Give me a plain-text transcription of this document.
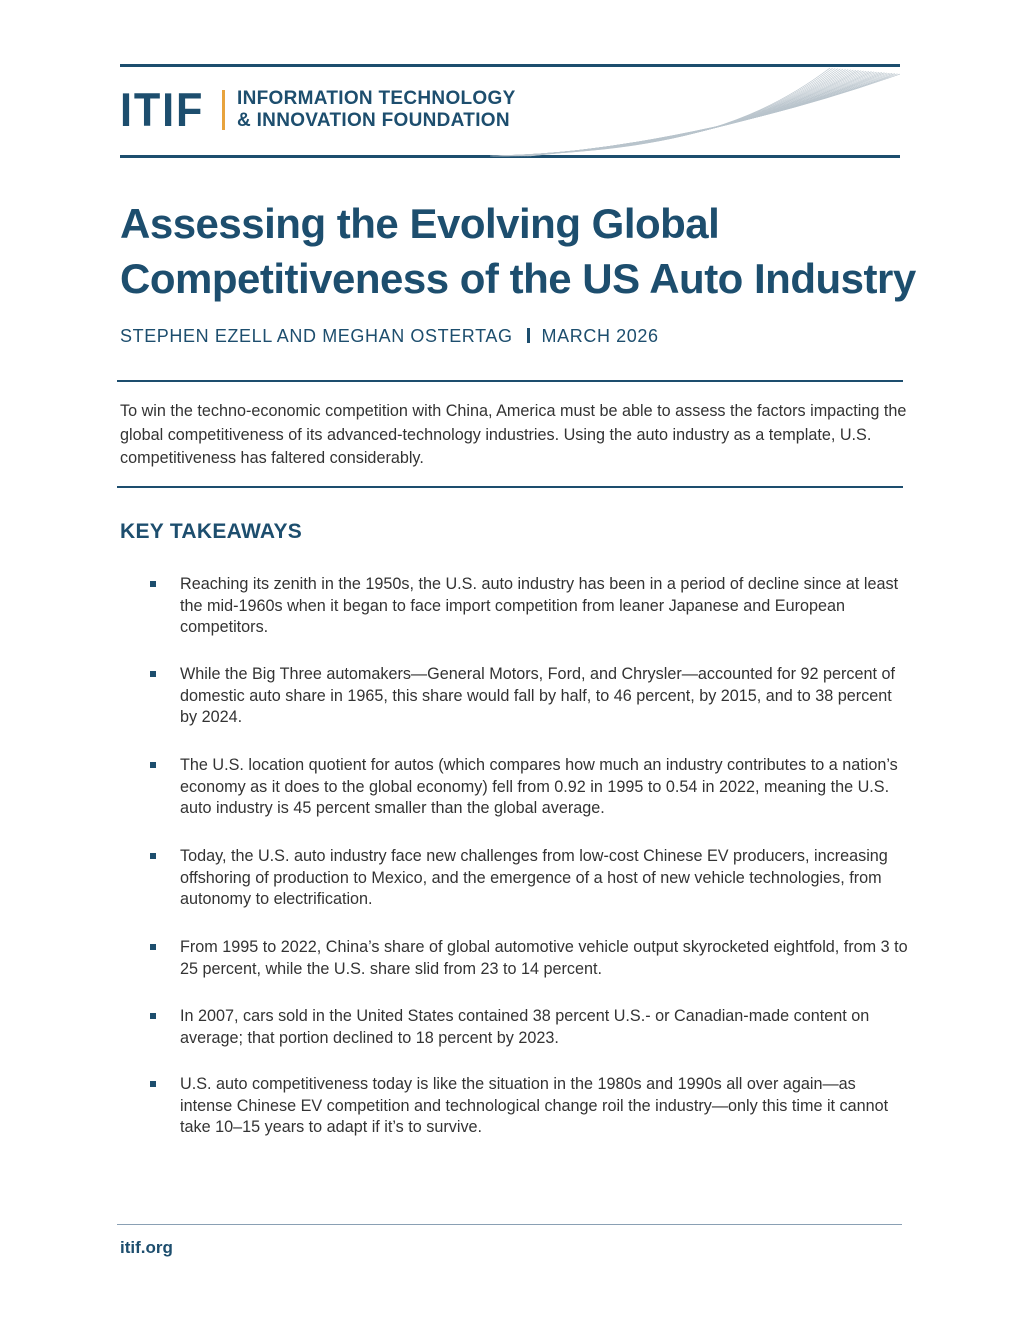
ITIF INFORMATION TECHNOLOGY
& INNOVATION FOUNDATION
Assessing the Evolving Global Competitiveness of the US Auto Industry
STEPHEN EZELL AND MEGHAN OSTERTAG MARCH 2026

To win the techno-economic competition with China, America must be able to assess the factors impacting the global competitiveness of its advanced-technology industries. Using the auto industry as a template, U.S. competitiveness has faltered considerably.

KEY TAKEAWAYS
Reaching its zenith in the 1950s, the U.S. auto industry has been in a period of decline since at least the mid-1960s when it began to face import competition from leaner Japanese and European competitors.
While the Big Three automakers—General Motors, Ford, and Chrysler—accounted for 92 percent of domestic auto share in 1965, this share would fall by half, to 46 percent, by 2015, and to 38 percent by 2024.
The U.S. location quotient for autos (which compares how much an industry contributes to a nation’s economy as it does to the global economy) fell from 0.92 in 1995 to 0.54 in 2022, meaning the U.S. auto industry is 45 percent smaller than the global average.
Today, the U.S. auto industry face new challenges from low-cost Chinese EV producers, increasing offshoring of production to Mexico, and the emergence of a host of new vehicle technologies, from autonomy to electrification.
From 1995 to 2022, China’s share of global automotive vehicle output skyrocketed eightfold, from 3 to 25 percent, while the U.S. share slid from 23 to 14 percent.
In 2007, cars sold in the United States contained 38 percent U.S.- or Canadian-made content on average; that portion declined to 18 percent by 2023.
U.S. auto competitiveness today is like the situation in the 1980s and 1990s all over again—as intense Chinese EV competition and technological change roil the industry—only this time it cannot take 10–15 years to adapt if it’s to survive.
itif.org
